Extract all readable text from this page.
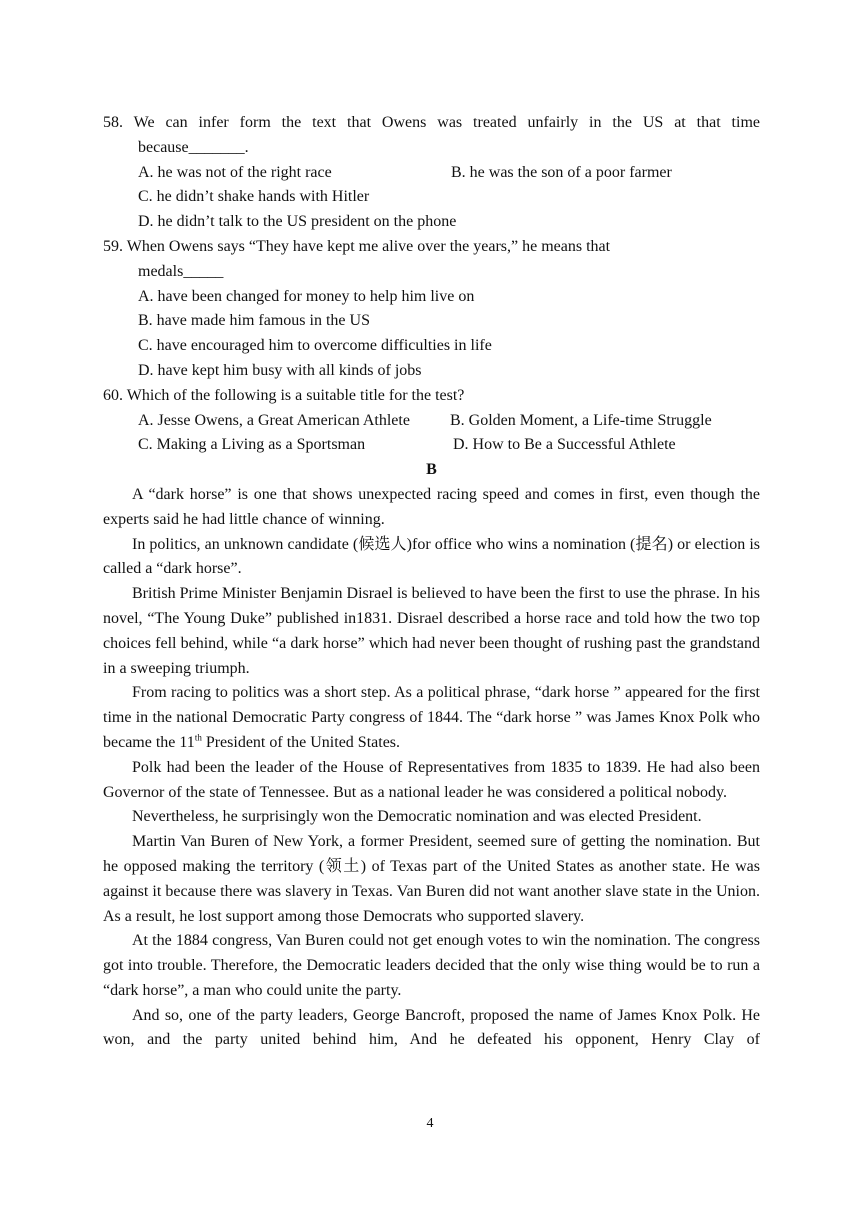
58. We can infer form the text that Owens was treated unfairly in the US at that time
because_______.
A. he was not of the right race	B. he was the son of a poor farmer
C. he didn’t shake hands with Hitler
D. he didn’t talk to the US president on the phone
59. When Owens says “They have kept me alive over the years,” he means that
medals_____
A. have been changed for money to help him live on
B. have made him famous in the US
C. have encouraged him to overcome difficulties in life
D. have kept him busy with all kinds of jobs
60. Which of the following is a suitable title for the test?
A. Jesse Owens, a Great American Athlete	B. Golden Moment, a Life-time Struggle
C. Making a Living as a Sportsman	D. How to Be a Successful Athlete
B

A “dark horse” is one that shows unexpected racing speed and comes in first, even though the experts said he had little chance of winning.

In politics, an unknown candidate (候选人)for office who wins a nomination (提名) or election is called a “dark horse”.

British Prime Minister Benjamin Disrael is believed to have been the first to use the phrase. In his novel, “The Young Duke” published in1831. Disrael described a horse race and told how the two top choices fell behind, while “a dark horse” which had never been thought of rushing past the grandstand in a sweeping triumph.

From racing to politics was a short step. As a political phrase, “dark horse ” appeared for the first time in the national Democratic Party congress of 1844. The “dark horse ” was James Knox Polk who became the 11th President of the United States.

Polk had been the leader of the House of Representatives from 1835 to 1839. He had also been Governor of the state of Tennessee. But as a national leader he was considered a political nobody.

Nevertheless, he surprisingly won the Democratic nomination and was elected President.

Martin Van Buren of New York, a former President, seemed sure of getting the nomination. But he opposed making the territory (领土) of Texas part of the United States as another state. He was against it because there was slavery in Texas. Van Buren did not want another slave state in the Union. As a result, he lost support among those Democrats who supported slavery.

At the 1884 congress, Van Buren could not get enough votes to win the nomination. The congress got into trouble. Therefore, the Democratic leaders decided that the only wise thing would be to run a “dark horse”, a man who could unite the party.

And so, one of the party leaders, George Bancroft, proposed the name of James Knox Polk. He won, and the party united behind him, And he defeated his opponent, Henry Clay of

4
